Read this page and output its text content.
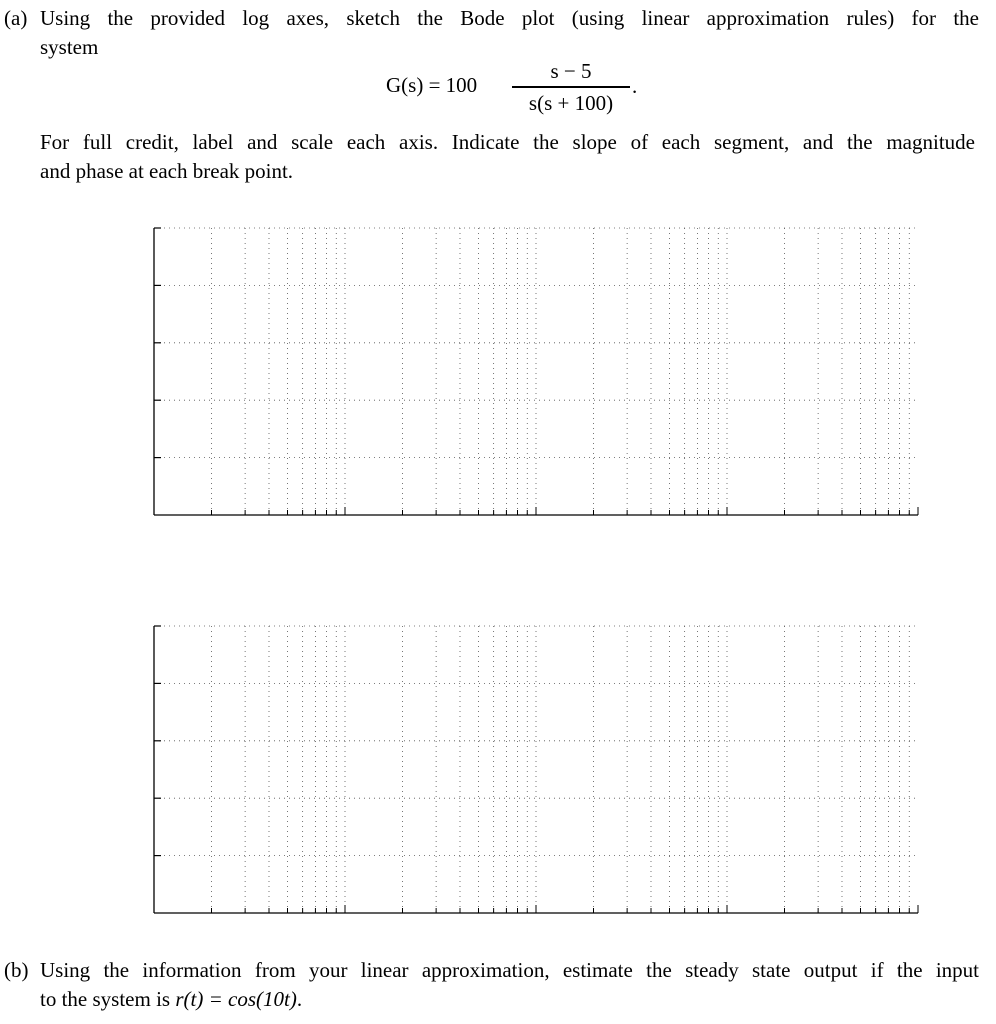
(a) Using the provided log axes, sketch the Bode plot (using linear approximation rules) for the
system
G(s) = 100
s − 5
s(s + 100)
.
For full credit, label and scale each axis. Indicate the slope of each segment, and the magnitude
and phase at each break point.
(b) Using the information from your linear approximation, estimate the steady state output if the input
to the system is r(t) = cos(10t).
